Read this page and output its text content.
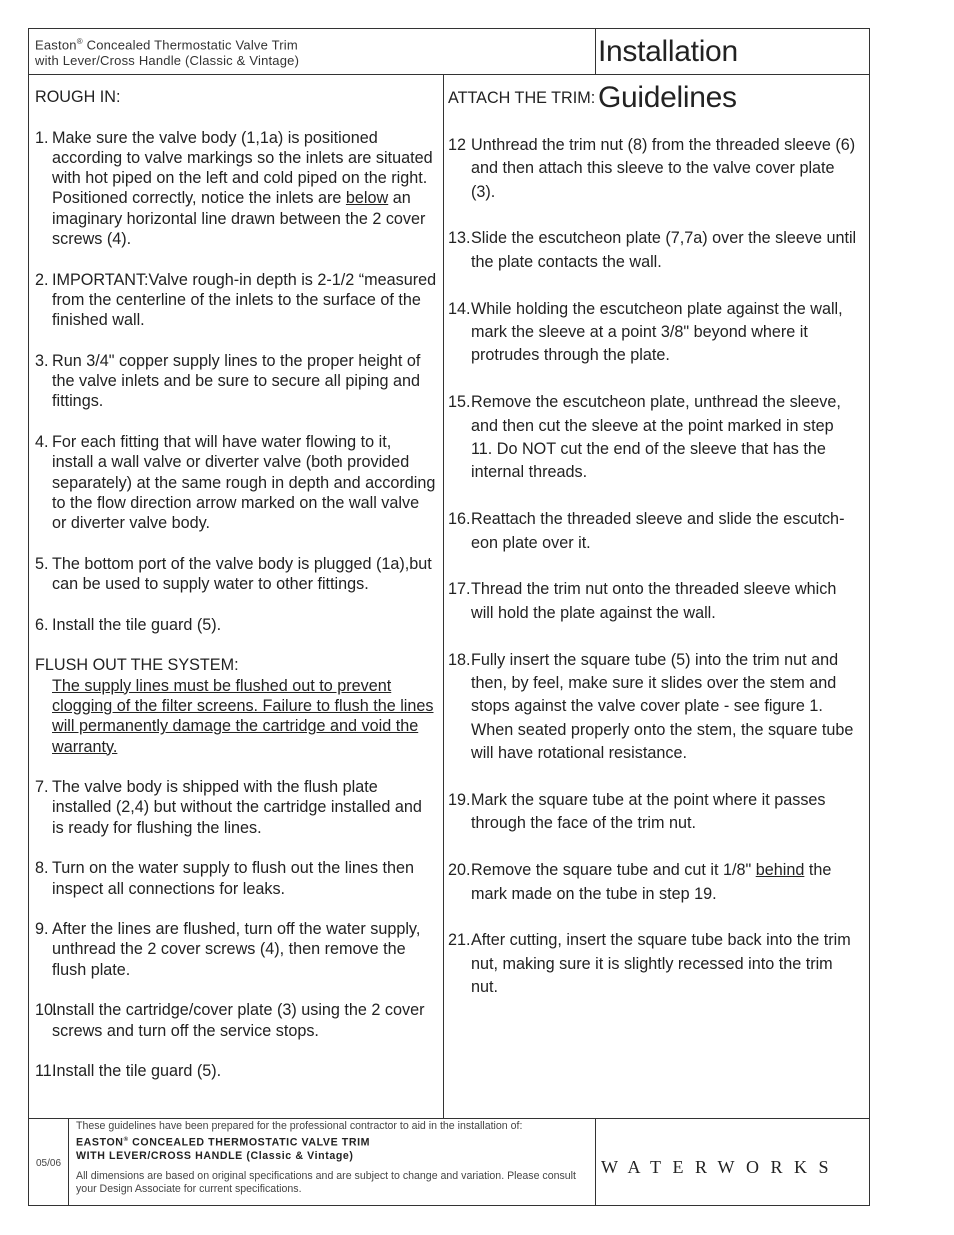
Easton® Concealed Thermostatic Valve Trim
with Lever/Cross Handle (Classic & Vintage)	Installation Guidelines
ROUGH IN:
1. Make sure the valve body (1,1a) is positioned according to valve markings so the inlets are situated with hot piped on the left and cold piped on the right. Positioned correctly, notice the inlets are below an imaginary horizontal line drawn between the 2 cover screws (4).
2. IMPORTANT:Valve rough-in depth is 2-1/2 “measured from the centerline of the inlets to the surface of the finished wall.
3. Run 3/4" copper supply lines to the proper height of the valve inlets and be sure to secure all piping and fittings.
4. For each fitting that will have water flowing to it, install a wall valve or diverter valve (both provided separately) at the same rough in depth and according to the flow direction arrow marked on the wall valve or diverter valve body.
5. The bottom port of the valve body is plugged (1a),but can be used to supply water to other fittings.
6. Install the tile guard (5).
FLUSH OUT THE SYSTEM:
The supply lines must be flushed out to prevent clogging of the filter screens. Failure to flush the lines will permanently damage the cartridge and void the warranty.
7. The valve body is shipped with the flush plate installed (2,4) but without the cartridge installed and is ready for flushing the lines.
8. Turn on the water supply to flush out the lines then inspect all connections for leaks.
9. After the lines are flushed, turn off the water supply, unthread the 2 cover screws (4), then remove the flush plate.
10.
Install the cartridge/cover plate (3) using the 2 cover screws and turn off the service stops.
11.
Install the tile guard (5).
ATTACH THE TRIM:
12 Unthread the trim nut (8) from the threaded sleeve (6) and then attach this sleeve to the valve cover plate (3).
13. Slide the escutcheon plate (7,7a) over the sleeve until the plate contacts the wall.
14. While holding the escutcheon plate against the wall, mark the sleeve at a point 3/8" beyond where it protrudes through the plate.
15. Remove the escutcheon plate, unthread the sleeve, and then cut the sleeve at the point marked in step 11. Do NOT cut the end of the sleeve that has the internal threads.
16. Reattach the threaded sleeve and slide the escutcheon plate over it.
17. Thread the trim nut onto the threaded sleeve which will hold the plate against the wall.
18. Fully insert the square tube (5) into the trim nut and then, by feel, make sure it slides over the stem and stops against the valve cover plate - see figure 1. When seated properly onto the stem, the square tube will have rotational resistance.
19. Mark the square tube at the point where it passes through the face of the trim nut.
20. Remove the square tube and cut it 1/8" behind the mark made on the tube in step 19.
21. After cutting, insert the square tube back into the trim nut, making sure it is slightly recessed into the trim nut.
05/06
These guidelines have been prepared for the professional contractor to aid in the installation of:
EASTON® CONCEALED THERMOSTATIC VALVE TRIM
WITH LEVER/CROSS HANDLE (Classic & Vintage)
All dimensions are based on original specifications and are subject to change and variation. Please consult your Design Associate for current specifications.
WATERWORKS
